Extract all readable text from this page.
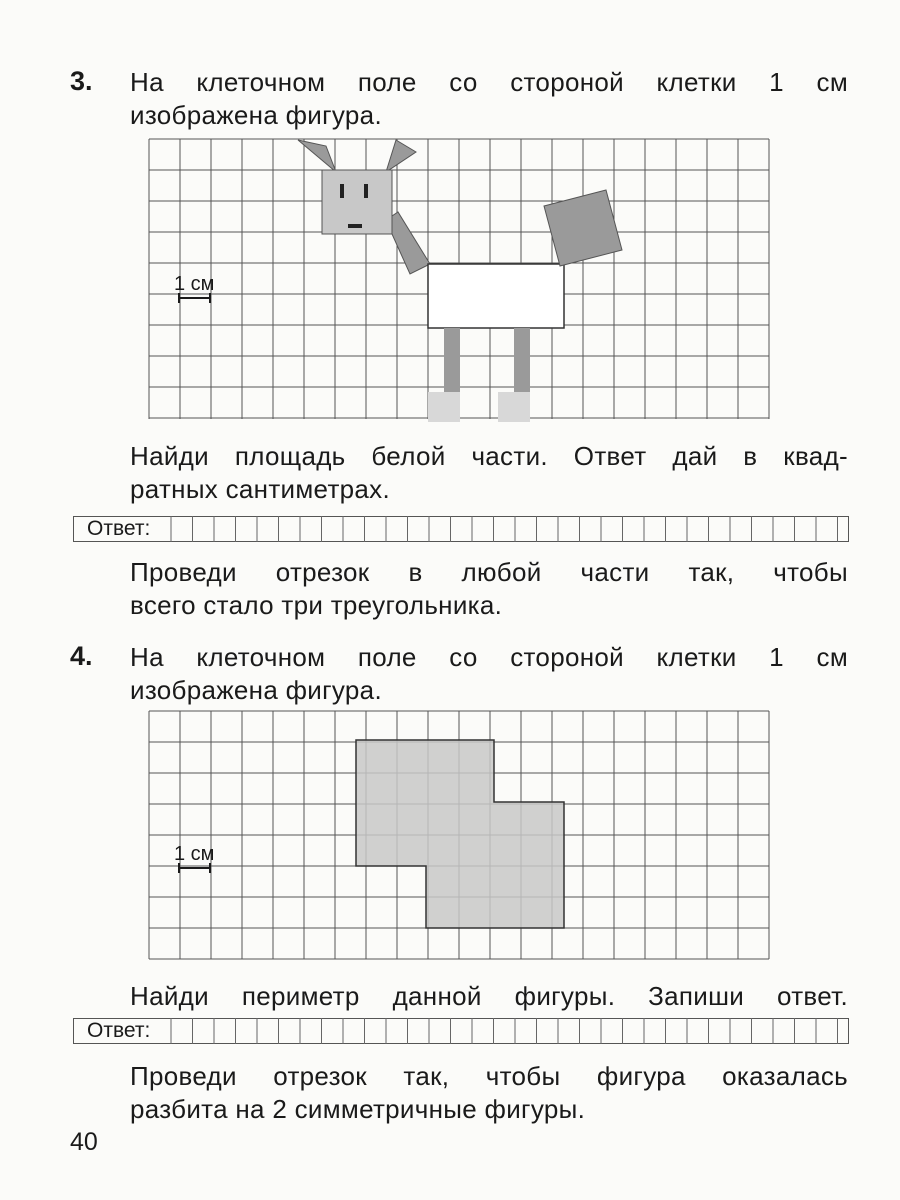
3. На клеточном поле со стороной клетки 1 см
изображена фигура.
1 см
Найди площадь белой части. Ответ дай в квад-
ратных сантиметрах.
Ответ:
Проведи отрезок в любой части так, чтобы
всего стало три треугольника.
4. На клеточном поле со стороной клетки 1 см
изображена фигура.
1 см
Найди периметр данной фигуры. Запиши ответ.
Ответ:
Проведи отрезок так, чтобы фигура оказалась
разбита на 2 симметричные фигуры.
40
